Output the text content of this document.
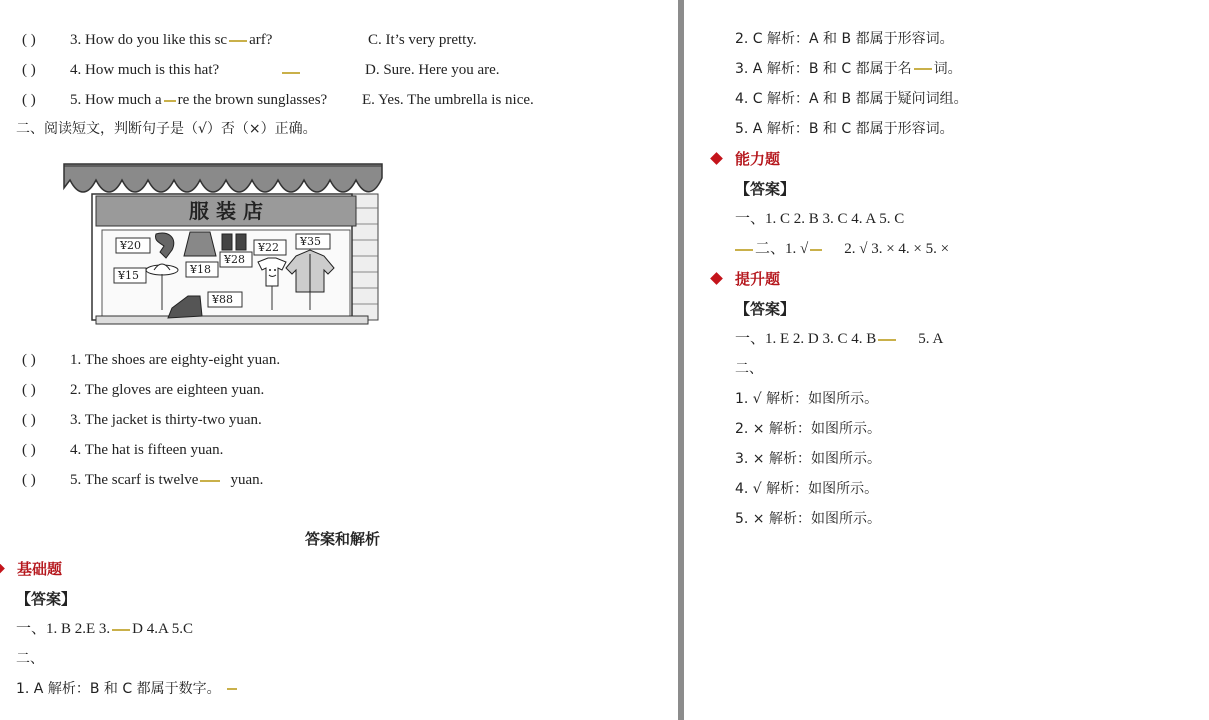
( ) 3. How do you like this sc arf?	C. It’s very pretty.
( ) 4. How much is this hat?	D. Sure. Here you are.
( ) 5. How much a re the brown sunglasses? E. Yes. The umbrella is nice.
二、阅读短文，判断句子是（√）否（×）正确。
服 装 店
¥20	¥35
¥22
¥28
¥15	¥18
¥88
( ) 1. The shoes are eighty-eight yuan.
( ) 2. The gloves are eighteen yuan.
( ) 3. The jacket is thirty-two yuan.
( ) 4. The hat is fifteen yuan.
( ) 5. The scarf is twelve yuan.
答案和解析
基础题
【答案】
一、1. B 2.E 3. D 4.A 5.C
二、
1. A 解析：B 和 C 都属于数字。
2. C 解析：A 和 B 都属于形容词。
3. A 解析：B 和 C 都属于名 词。
4. C 解析：A 和 B 都属于疑问词组。
5. A 解析：B 和 C 都属于形容词。
能力题
【答案】
一、1. C 2. B 3. C 4. A 5. C
二、1. √ 2. √ 3. × 4. × 5. ×
提升题
【答案】
一、1. E 2. D 3. C 4. B	5. A
二、
1. √ 解析：如图所示。
2. × 解析：如图所示。
3. × 解析：如图所示。
4. √ 解析：如图所示。
5. × 解析：如图所示。
